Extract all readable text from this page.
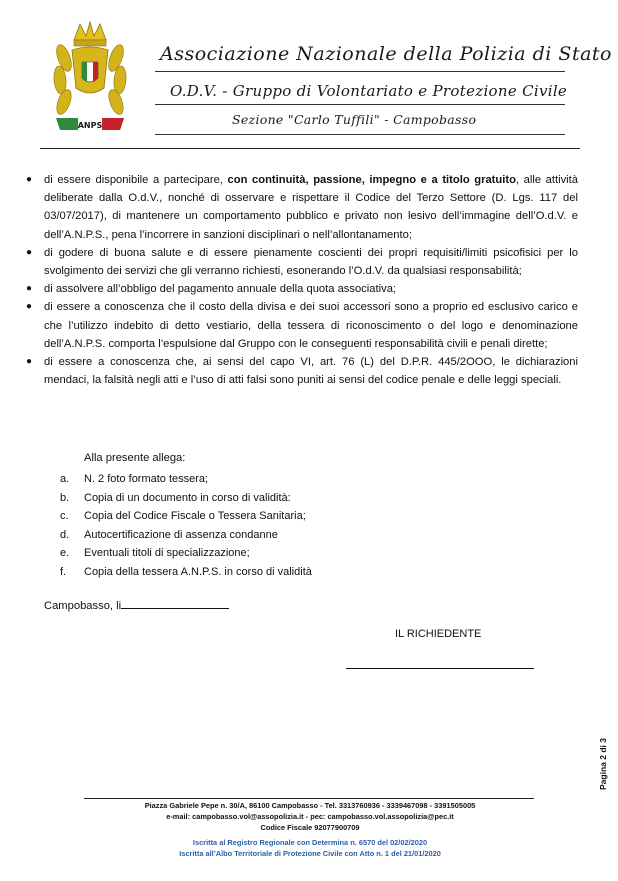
ANPS
Associazione Nazionale della Polizia di Stato
O.D.V. - Gruppo di Volontariato e Protezione Civile
Sezione "Carlo Tuffili" - Campobasso
● di essere disponibile a partecipare, con continuità, passione, impegno e a titolo gratuito, alle attività deliberate dalla O.d.V., nonché di osservare e rispettare il Codice del Terzo Settore (D. Lgs. 117 del 03/07/2017), di mantenere un comportamento pubblico e privato non lesivo dell’immagine dell’O.d.V. e dell’A.N.P.S., pena l’incorrere in sanzioni disciplinari o nell’allontanamento;
● di godere di buona salute e di essere pienamente coscienti dei propri requisiti/limiti psicofisici per lo svolgimento dei servizi che gli verranno richiesti, esonerando l’O.d.V. da qualsiasi responsabilità;
● di assolvere all’obbligo del pagamento annuale della quota associativa;
● di essere a conoscenza che il costo della divisa e dei suoi accessori sono a proprio ed esclusivo carico e che l’utilizzo indebito di detto vestiario, della tessera di riconoscimento o del logo e denominazione dell’A.N.P.S. comporta l’espulsione dal Gruppo con le conseguenti responsabilità civili e penali dirette;
● di essere a conoscenza che, ai sensi del capo VI, art. 76 (L) del D.P.R. 445/2OOO, le dichiarazioni mendaci, la falsità negli atti e l’uso di atti falsi sono puniti ai sensi del codice penale e delle leggi speciali.
Alla presente allega:
a. N. 2 foto formato tessera;
b. Copia di un documento in corso di validità:
c. Copia del Codice Fiscale o Tessera Sanitaria;
d. Autocertificazione di assenza condanne
e. Eventuali titoli di specializzazione;
f. Copia della tessera A.N.P.S. in corso di validità
Campobasso, li
IL RICHIEDENTE
Pagina 2 di 3
Piazza Gabriele Pepe n. 30/A, 86100 Campobasso - Tel. 3313760936 - 3339467098 - 3391505005
e-mail: campobasso.vol@assopolizia.it - pec: campobasso.vol.assopolizia@pec.it
Codice Fiscale 92077900709
Iscritta al Registro Regionale con Determina n. 6570 del 02/02/2020
Iscritta all’Albo Territoriale di Protezione Civile con Atto n. 1 del 21/01/2020
